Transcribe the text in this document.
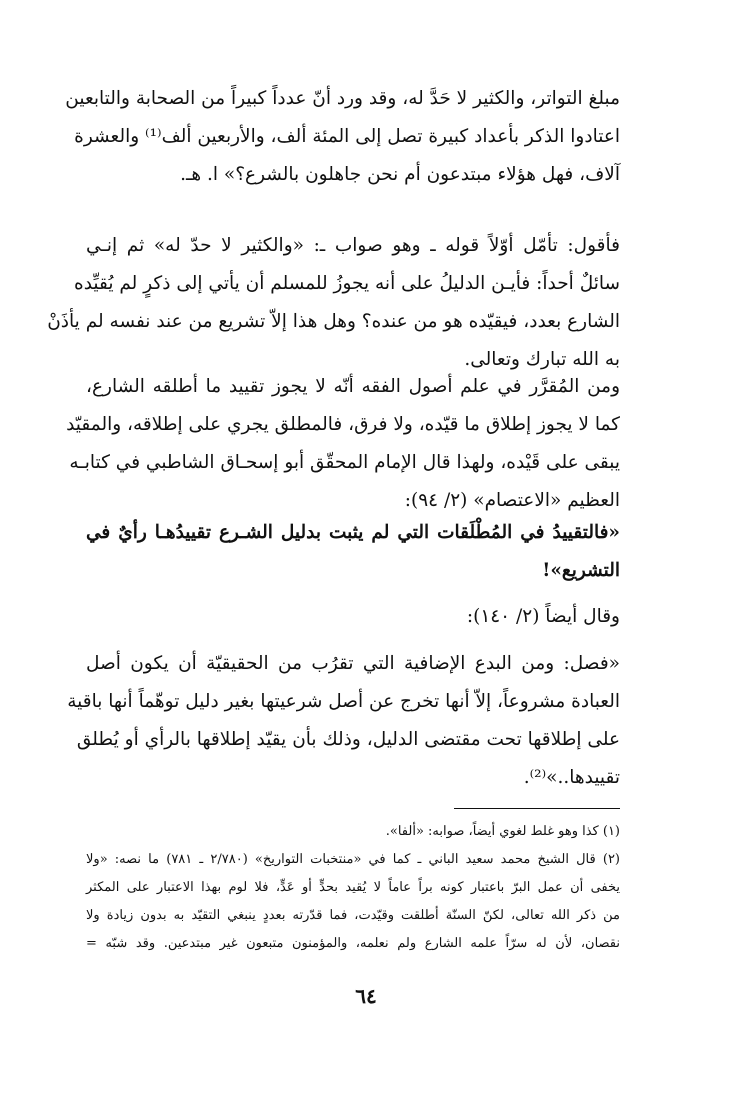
مبلغ التواتر، والكثير لا حَدَّ له، وقد ورد أنّ عدداً كبيراً من الصحابة والتابعين
اعتادوا الذكر بأعداد كبيرة تصل إلى المئة ألف، والأربعين ألف⁽¹⁾ والعشرة
آلاف، فهل هؤلاء مبتدعون أم نحن جاهلون بالشرع؟» ا. هـ.
فأقول: تأمّل أوّلاً قوله ـ وهو صواب ـ: «والكثير لا حدّ له» ثم إنـي
سائلٌ أحداً: فأيـن الدليلُ على أنه يجوزُ للمسلم أن يأتي إلى ذكرٍ لم يُقيِّده
الشارع بعدد، فيقيّده هو من عنده؟ وهل هذا إلاّ تشريع من عند نفسه لم يأذَنْ
به الله تبارك وتعالى.
ومن المُقرَّر في علم أصول الفقه أنّه لا يجوز تقييد ما أطلقه الشارع،
كما لا يجوز إطلاق ما قيّده، ولا فرق، فالمطلق يجري على إطلاقه، والمقيّد
يبقى على قَيْده، ولهذا قال الإمام المحقّق أبو إسحـاق الشاطبي في كتابـه
العظيم «الاعتصام» (٢/ ٩٤):
«فالتقييدُ في المُطْلَقات التي لم يثبت بدليل الشـرع تقييدُهـا رأيٌ في
التشريع»!
وقال أيضاً (٢/ ١٤٠):
«فصل: ومن البدع الإضافية التي تقرُب من الحقيقيّة أن يكون أصل
العبادة مشروعاً، إلاّ أنها تخرج عن أصل شرعيتها بغير دليل توهّماً أنها باقية
على إطلاقها تحت مقتضى الدليل، وذلك بأن يقيّد إطلاقها بالرأي أو يُطلق
تقييدها..»⁽²⁾.
(١) كذا وهو غلط لغوي أيضاً، صوابه: «ألفا».
(٢) قال الشيخ محمد سعيد الباني ـ كما في «منتخبات التواريخ» (٢/٧٨٠ ـ ٧٨١) ما نصه: «ولا
يخفى أن عمل البرّ باعتبار كونه براً عاماً لا يُقيد بحدٍّ أو عَدٍّ، فلا لوم بهذا الاعتبار على المكثر
من ذكر الله تعالى، لكنّ السنّة أطلقت وقيّدت، فما قدّرته بعددٍ ينبغي التقيّد به بدون زيادة ولا
نقصان، لأن له سرّاً علمه الشارع ولم نعلمه، والمؤمنون متبعون غير مبتدعين. وقد شبّه =
٦٤
